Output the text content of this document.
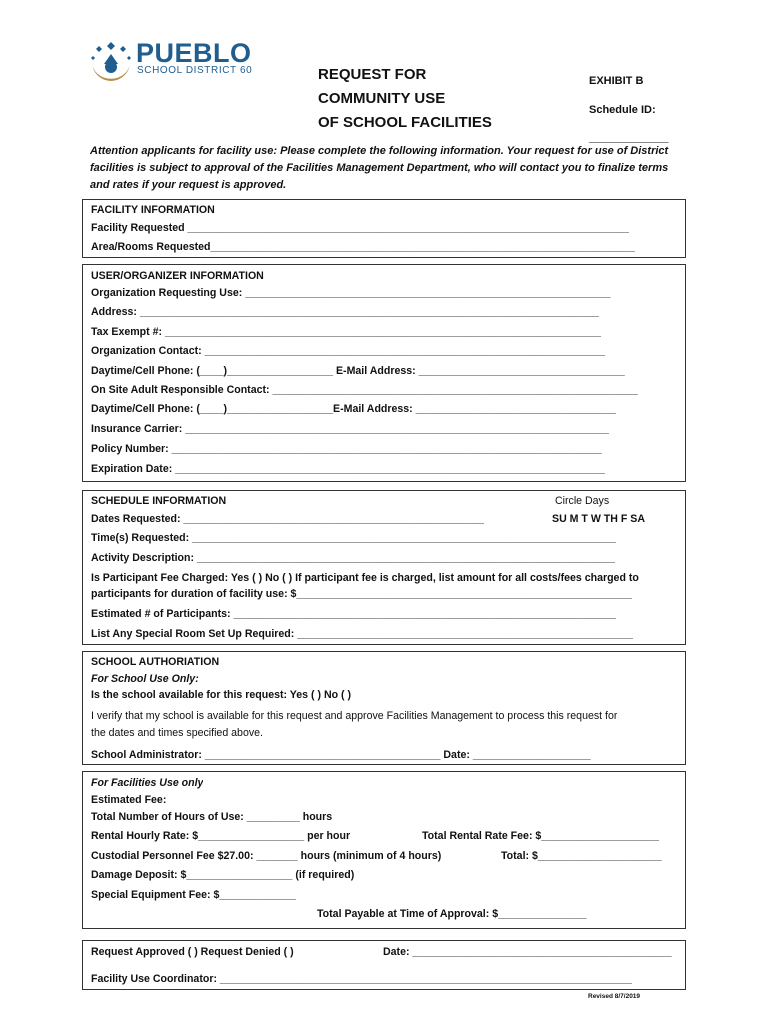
PUEBLO
SCHOOL DISTRICT 60	REQUEST FOR
COMMUNITY USE
OF SCHOOL FACILITIES
EXHIBIT B
Schedule ID:
___________
Attention applicants for facility use: Please complete the following information. Your request for use of District facilities is subject to approval of the Facilities Management Department, who will contact you to finalize terms and rates if your request is approved.
FACILITY INFORMATION
Facility Requested ___________________________________________________________________________
Area/Rooms Requested________________________________________________________________________
USER/ORGANIZER INFORMATION
Organization Requesting Use: ______________________________________________________________
Address: ______________________________________________________________________________
Tax Exempt #: __________________________________________________________________________
Organization Contact: ____________________________________________________________________
Daytime/Cell Phone: (____)__________________ E-Mail Address: ___________________________________
On Site Adult Responsible Contact: ______________________________________________________________
Daytime/Cell Phone: (____)__________________E-Mail Address: __________________________________
Insurance Carrier: ________________________________________________________________________
Policy Number: _________________________________________________________________________
Expiration Date: _________________________________________________________________________
SCHEDULE INFORMATION	Circle Days
Dates Requested: ___________________________________________________	SU M T W TH F SA
Time(s) Requested: ________________________________________________________________________
Activity Description: _______________________________________________________________________
Is Participant Fee Charged: Yes ( ) No ( ) If participant fee is charged, list amount for all costs/fees charged to
participants for duration of facility use: $_________________________________________________________
Estimated # of Participants: _________________________________________________________________
List Any Special Room Set Up Required: _________________________________________________________
SCHOOL AUTHORIATION
For School Use Only:
Is the school available for this request: Yes ( ) No ( )
I verify that my school is available for this request and approve Facilities Management to process this request for
the dates and times specified above.
School Administrator: ________________________________________ Date: ____________________
For Facilities Use only
Estimated Fee:
Total Number of Hours of Use: _________ hours
Rental Hourly Rate: $__________________ per hour	Total Rental Rate Fee: $____________________
Custodial Personnel Fee $27.00: _______ hours (minimum of 4 hours)	Total: $_____________________
Damage Deposit: $__________________ (if required)
Special Equipment Fee: $_____________
Total Payable at Time of Approval: $_______________
Request Approved ( ) Request Denied ( )	Date: ____________________________________________
Facility Use Coordinator: ______________________________________________________________________
Revised 8/7/2019
